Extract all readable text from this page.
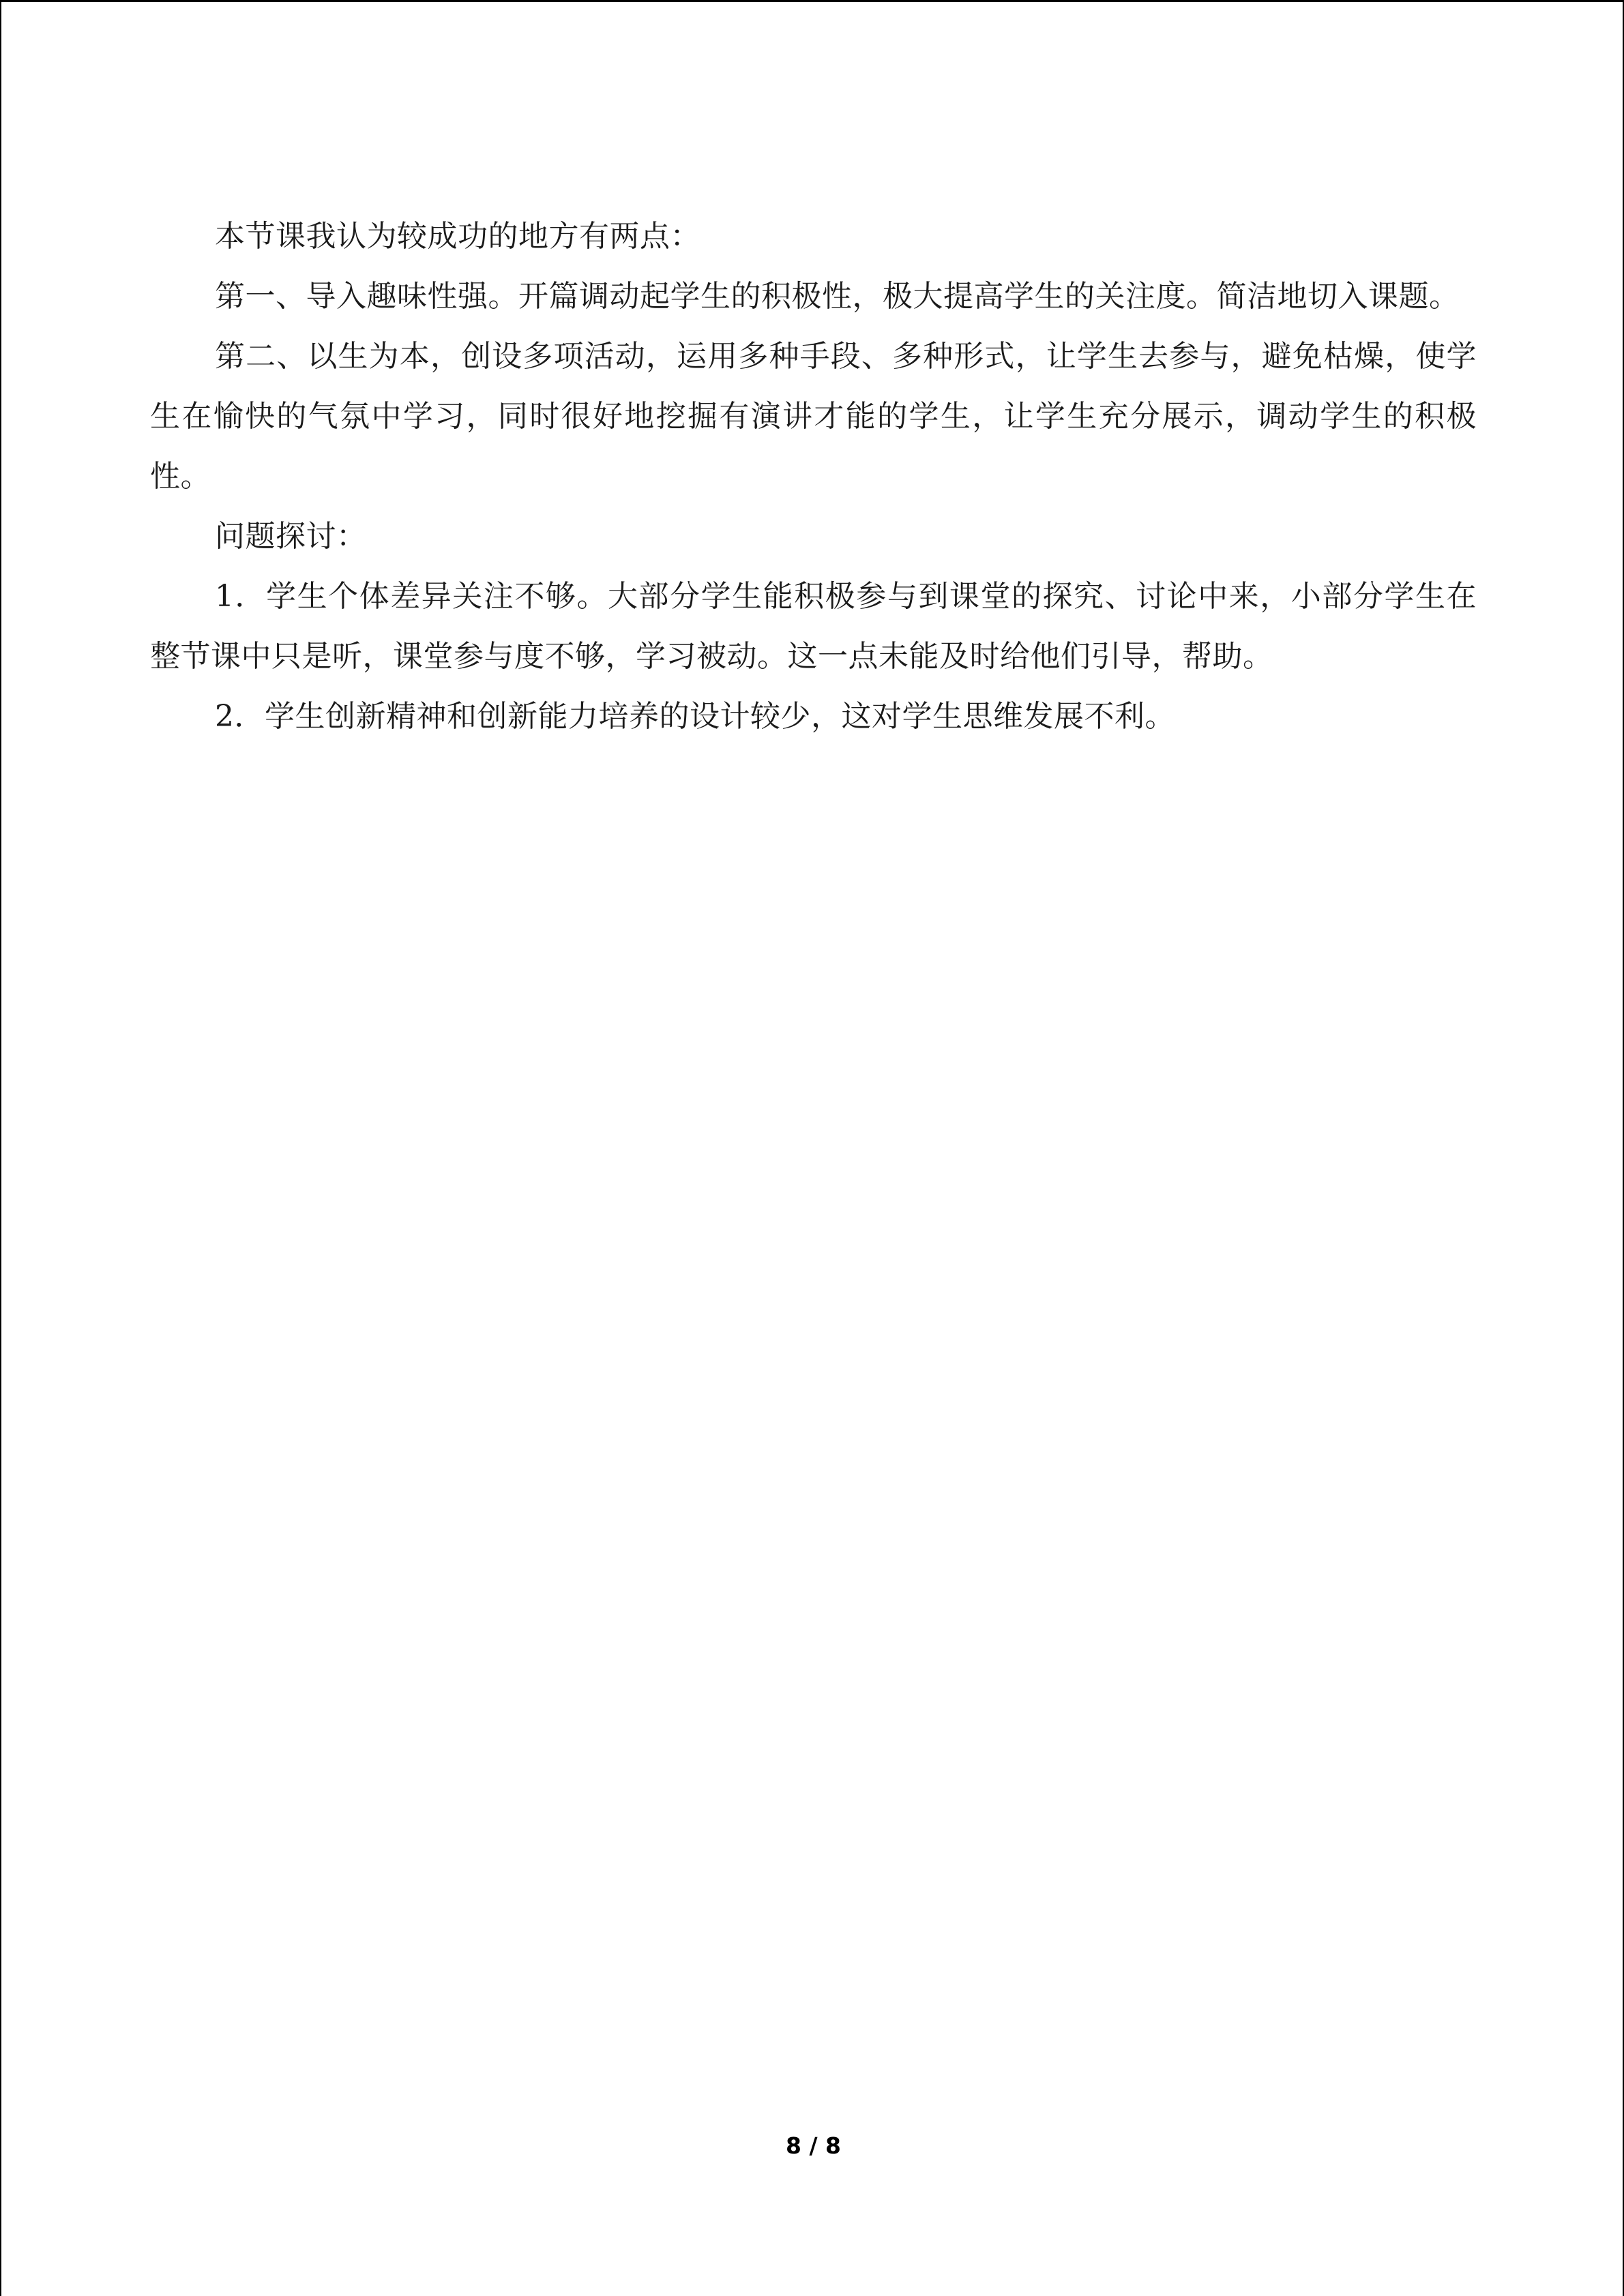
本节课我认为较成功的地方有两点：

第一、导入趣味性强。开篇调动起学生的积极性，极大提高学生的关注度。简洁地切入课题。

第二、以生为本，创设多项活动，运用多种手段、多种形式，让学生去参与，避免枯燥，使学生在愉快的气氛中学习，同时很好地挖掘有演讲才能的学生，让学生充分展示，调动学生的积极性。

问题探讨：

1．学生个体差异关注不够。大部分学生能积极参与到课堂的探究、讨论中来，小部分学生在整节课中只是听，课堂参与度不够，学习被动。这一点未能及时给他们引导，帮助。

2．学生创新精神和创新能力培养的设计较少，这对学生思维发展不利。

8 / 8
